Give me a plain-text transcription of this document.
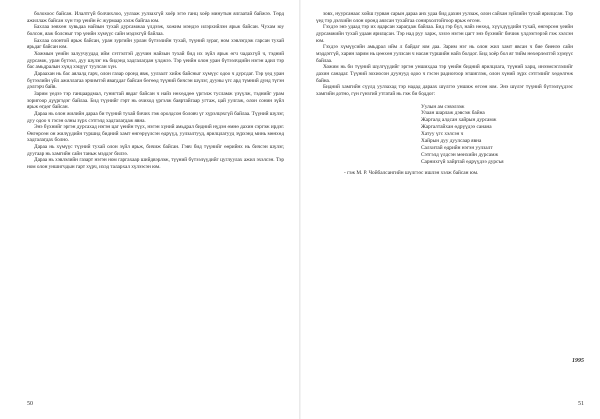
болохоос байсан. Илалтгүй болчихлоо, уулзаж уулзахгүй хоёр эгээ ганц хоёр минутын ялгаатай байжээ. Төрд ажиллаж байсан хүн тэр үеийн ёс журмаар хэлж байгаа юм.

Бахлаа зөвхөн хувьдаа найзын тухай дурсамжаа үлдээж, хожим мэндээ илэрхийлэн ярьж байсан. Чухам юу болсон, яаж болсныг тэр үеийн хүмүүс сайн мэдэхгүй байлаа.

Бахлаа олонтой ярьж байсан, уран зургийн урлан бүтээлийн тухай, түүний зураг, ном хэвлэгдэж гарсан тухай ярьдаг байсан юм.

Хожмын үеийн залуучуудад ийм сэтгэлтэй дуучин найзын тухай бид их зүйл ярьж өгч чадахгүй ч, тэдний дурсамж, уран бүтээл, дуу шүлэг нь бидэнд хадгалагдан үлджээ. Тэр үеийн олон уран бүтээлчдийн нэгэн адил тэр бас амьдралын хүнд хэцүүг туулсан хүн.

Дараахан нь бас аялалд гарч, олон газар оронд явж, уулзалт хийж байсныг хүмүүс одоо ч дурсдаг. Тэр үед уран бүтээлийн үйл ажиллагаа эрчимтэй явагддаг байсан бөгөөд түүний бичсэн шүлэг, дууны үгс ард түмний дунд түгэн дэлгэрч байв.

Зарим үедээ тэр ганцаардмал, гунигтай явдаг байсан ч найз нөхөддөө үргэлж тусламж үзүүлж, тэднийг урам зоригоор дүүргэдэг байлаа. Бид түүнийг гэрт нь очиход үргэлж баяртайгаар угтаж, цай уулгаж, олон сонин зүйл ярьж өгдөг байсан.

Дараа нь олон жилийн дараа би түүний тухай бичих гэж оролдсон боловч үг хүрэлцэхгүй байлаа. Түүний шүлэг, дуу одоо ч гэсэн олны зүрх сэтгэлд хадгалагдаж явна.

Энэ бүхнийг эргэн дурсахад нэгэн цаг үеийн түүх, нэгэн хүний амьдрал бидний нүдэн өмнө дахин сэргэж ирдэг. Өнгөрсөн он жилүүдийн туршид бидний хамт өнгөрүүлсэн өдрүүд, уулзалтууд, ярилцлагууд зүрхэнд минь мөнхөд хадгалагдах болно.

Дараа нь хүмүүс түүний тухай олон зүйл ярьж, бичиж байсан. Гэвч бид түүнийг өөрийнх нь бичсэн шүлэг, дуугаар нь хамгийн сайн таньж мэддэг билээ.

Дараа нь хэвлэлийн газарт нэгэн ном гаргахаар шийдвэрлэж, түүний бүтээлүүдийг цуглуулах ажил эхэлсэн. Тэр ном олон уншигчдын гарт хүрч, ихэд талархал хүлээсэн юм.

50

зовх, нуурсанаас хойш гурван сарын дараа анх удаа бид дахин уулзаж, олон сайхан зүйлийн тухай ярилцсан. Тэр үед тэр дэлхийн олон оронд аялсан тухайгаа сонирхолтойгоор ярьж өгсөн.

Гэхдээ энэ удаад тэр их ядарсан харагдаж байлаа. Бид гэр бүл, найз нөхөд, хүүхдүүдийн тухай, өнгөрсөн үеийн дурсамжийн тухай удаан ярилцсан. Тэр над руу харж, хэзээ нэгэн цагт энэ бүхнийг бичиж үлдээгээрэй гэж хэлсэн юм.

Гэхдээ хүмүүсийн амьдрал ийм л байдаг юм даа. Зарим нэг нь олон жил хамт явсан ч бие биенээ сайн мэддэггүй, харин зарим нь цөөхөн уулзсан ч насан туршийн найз болдог. Бид хоёр бол яг тийм нөхөрлөлтэй хүмүүс байлаа.

Хожим нь би түүний шүлгүүдийг эргэн уншихдаа тэр үеийн бидний ярилцлага, түүний харц, инээмсэглэлийг дахин санадаг. Түүний зохиосон дуунууд одоо ч гэсэн радиогоор эгшиглэж, олон хүний зүрх сэтгэлийг хөдөлгөж байна.

Бидний хамгийн сүүлд уулзахад тэр надад дараах шүлгээ уншиж өгсөн юм. Энэ шүлэг түүний бүтээлүүдээс хамгийн дотно, гүн гүнзгий утгатай нь гэж би боддог:

Уулын ам сэвэлзэж
Улаан шарлаж дэвсэж байна
Жаргалд алдсан хайрын дурсамж
Жаргалтайхан өдрүүдээ санана
Хатуу үгс хэлсэн ч
Хайрын дуу дуулсаар явна
Салхитай өдрийн нэгэн уулзалт
Сэтгэлд үлдсэн мөнхийн дурсамж
Сарнихгүй хайртай өдрүүдээ дурсъя
- гэж М. Р. Чойбалсангийн шүлгээс ишлэн хэлж байсан юм.
1995
51
